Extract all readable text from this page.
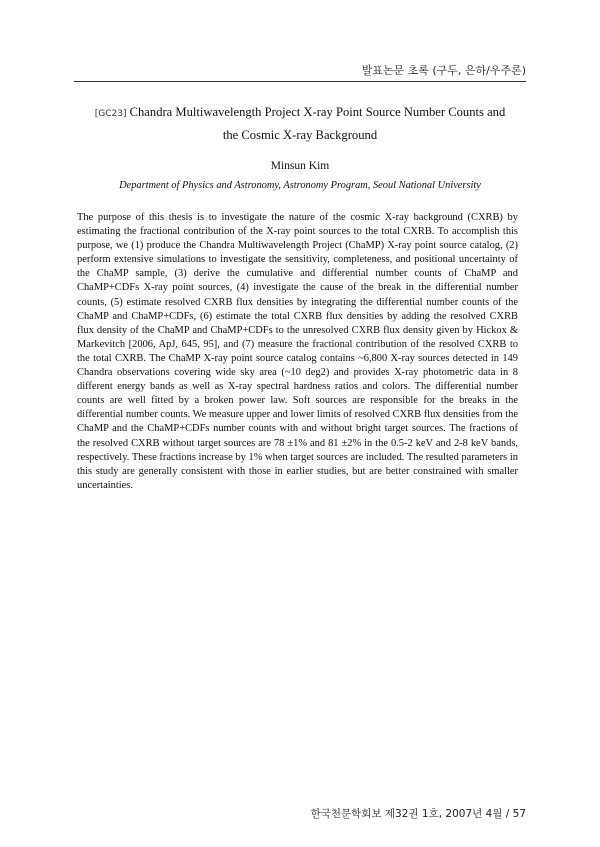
발표논문 초록 (구두, 은하/우주론)
[GC23] Chandra Multiwavelength Project X-ray Point Source Number Counts and
the Cosmic X-ray Background
Minsun Kim
Department of Physics and Astronomy, Astronomy Program, Seoul National University

The purpose of this thesis is to investigate the nature of the cosmic X-ray background (CXRB) by estimating the fractional contribution of the X-ray point sources to the total CXRB. To accomplish this purpose, we (1) produce the Chandra Multiwavelength Project (ChaMP) X-ray point source catalog, (2) perform extensive simulations to investigate the sensitivity, completeness, and positional uncertainty of the ChaMP sample, (3) derive the cumulative and differential number counts of ChaMP and ChaMP+CDFs X-ray point sources, (4) investigate the cause of the break in the differential number counts, (5) estimate resolved CXRB flux densities by integrating the differential number counts of the ChaMP and ChaMP+CDFs, (6) estimate the total CXRB flux densities by adding the resolved CXRB flux density of the ChaMP and ChaMP+CDFs to the unresolved CXRB flux density given by Hickox & Markevitch [2006, ApJ, 645, 95], and (7) measure the fractional contribution of the resolved CXRB to the total CXRB. The ChaMP X-ray point source catalog contains ~6,800 X-ray sources detected in 149 Chandra observations covering wide sky area (~10 deg2) and provides X-ray photometric data in 8 different energy bands as well as X-ray spectral hardness ratios and colors. The differential number counts are well fitted by a broken power law. Soft sources are responsible for the breaks in the differential number counts. We measure upper and lower limits of resolved CXRB flux densities from the ChaMP and the ChaMP+CDFs number counts with and without bright target sources. The fractions of the resolved CXRB without target sources are 78 ±1% and 81 ±2% in the 0.5-2 keV and 2-8 keV bands, respectively. These fractions increase by 1% when target sources are included. The resulted parameters in this study are generally consistent with those in earlier studies, but are better constrained with smaller uncertainties.

한국천문학회보 제32권 1호, 2007년 4월 / 57
